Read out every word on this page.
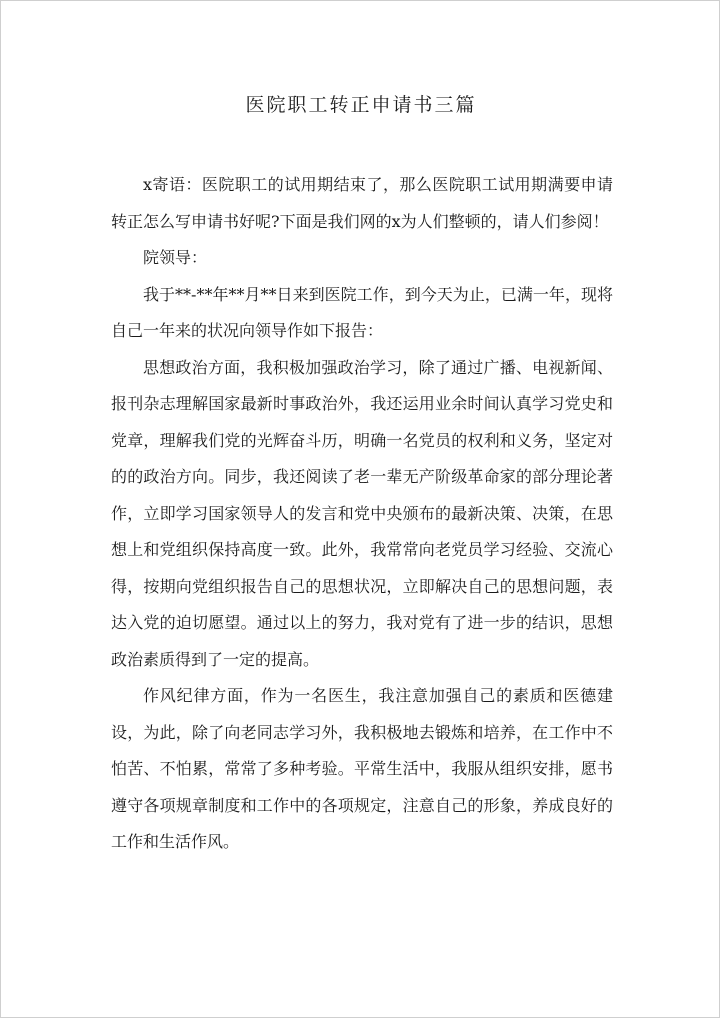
医院职工转正申请书三篇

x寄语：医院职工的试用期结束了，那么医院职工试用期满要申请转正怎么写申请书好呢?下面是我们网的x为人们整顿的，请人们参阅！

院领导：

我于**-**年**月**日来到医院工作，到今天为止，已满一年，现将自己一年来的状况向领导作如下报告：

思想政治方面，我积极加强政治学习，除了通过广播、电视新闻、报刊杂志理解国家最新时事政治外，我还运用业余时间认真学习党史和党章，理解我们党的光辉奋斗历，明确一名党员的权利和义务，坚定对的的政治方向。同步，我还阅读了老一辈无产阶级革命家的部分理论著作，立即学习国家领导人的发言和党中央颁布的最新决策、决策，在思想上和党组织保持高度一致。此外，我常常向老党员学习经验、交流心得，按期向党组织报告自己的思想状况，立即解决自己的思想问题，表达入党的迫切愿望。通过以上的努力，我对党有了进一步的结识，思想政治素质得到了一定的提高。

作风纪律方面，作为一名医生，我注意加强自己的素质和医德建设，为此，除了向老同志学习外，我积极地去锻炼和培养，在工作中不怕苦、不怕累，常常了多种考验。平常生活中，我服从组织安排，愿书遵守各项规章制度和工作中的各项规定，注意自己的形象，养成良好的工作和生活作风。
